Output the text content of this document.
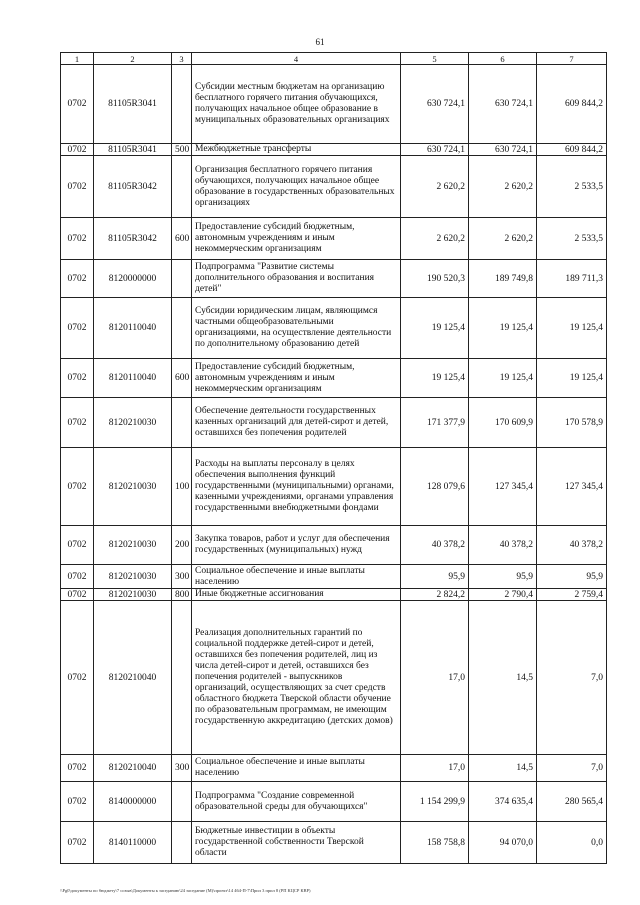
61
1	2	3	4	5	6	7
0702	81105R3041		Субсидии местным бюджетам на организацию бесплатного горячего питания обучающихся, получающих начальное общее образование в муниципальных образовательных организациях	630 724,1	630 724,1	609 844,2
0702	81105R3041	500	Межбюджетные трансферты	630 724,1	630 724,1	609 844,2
0702	81105R3042		Организация бесплатного горячего питания обучающихся, получающих начальное общее образование в государственных образовательных организациях	2 620,2	2 620,2	2 533,5
0702	81105R3042	600	Предоставление субсидий бюджетным, автономным учреждениям и иным некоммерческим организациям	2 620,2	2 620,2	2 533,5
0702	8120000000		Подпрограмма "Развитие системы дополнительного образования и воспитания детей"	190 520,3	189 749,8	189 711,3
0702	8120110040		Субсидии юридическим лицам, являющимся частными общеобразовательными организациями, на осуществление деятельности по дополнительному образованию детей	19 125,4	19 125,4	19 125,4
0702	8120110040	600	Предоставление субсидий бюджетным, автономным учреждениям и иным некоммерческим организациям	19 125,4	19 125,4	19 125,4
0702	8120210030		Обеспечение деятельности государственных казенных организаций для детей-сирот и детей, оставшихся без попечения родителей	171 377,9	170 609,9	170 578,9
0702	8120210030	100	Расходы на выплаты персоналу в целях обеспечения выполнения функций государственными (муниципальными) органами, казенными учреждениями, органами управления государственными внебюджетными фондами	128 079,6	127 345,4	127 345,4
0702	8120210030	200	Закупка товаров, работ и услуг для обеспечения государственных (муниципальных) нужд	40 378,2	40 378,2	40 378,2
0702	8120210030	300	Социальное обеспечение и иные выплаты населению	95,9	95,9	95,9
0702	8120210030	800	Иные бюджетные ассигнования	2 824,2	2 790,4	2 759,4
0702	8120210040		Реализация дополнительных гарантий по социальной поддержке детей-сирот и детей, оставшихся без попечения родителей, лиц из числа детей-сирот и детей, оставшихся без попечения родителей - выпускников организаций, осуществляющих за счет средств областного бюджета Тверской области обучение по образовательным программам, не имеющим государственную аккредитацию (детских домов)	17,0	14,5	7,0
0702	8120210040	300	Социальное обеспечение и иные выплаты населению	17,0	14,5	7,0
0702	8140000000		Подпрограмма "Создание современной образовательной среды для обучающихся"	1 154 299,9	374 635,4	280 565,4
0702	8140110000		Бюджетные инвестиции в объекты государственной собственности Тверской области	158 758,8	94 070,0	0,0
\\Pg0\документы по бюджету\7 созыв\Документы к заседанию\24 заседание (М)\проект\14 464-П-7\Прил 3 прил 8 (РП КЦСР КВР)
